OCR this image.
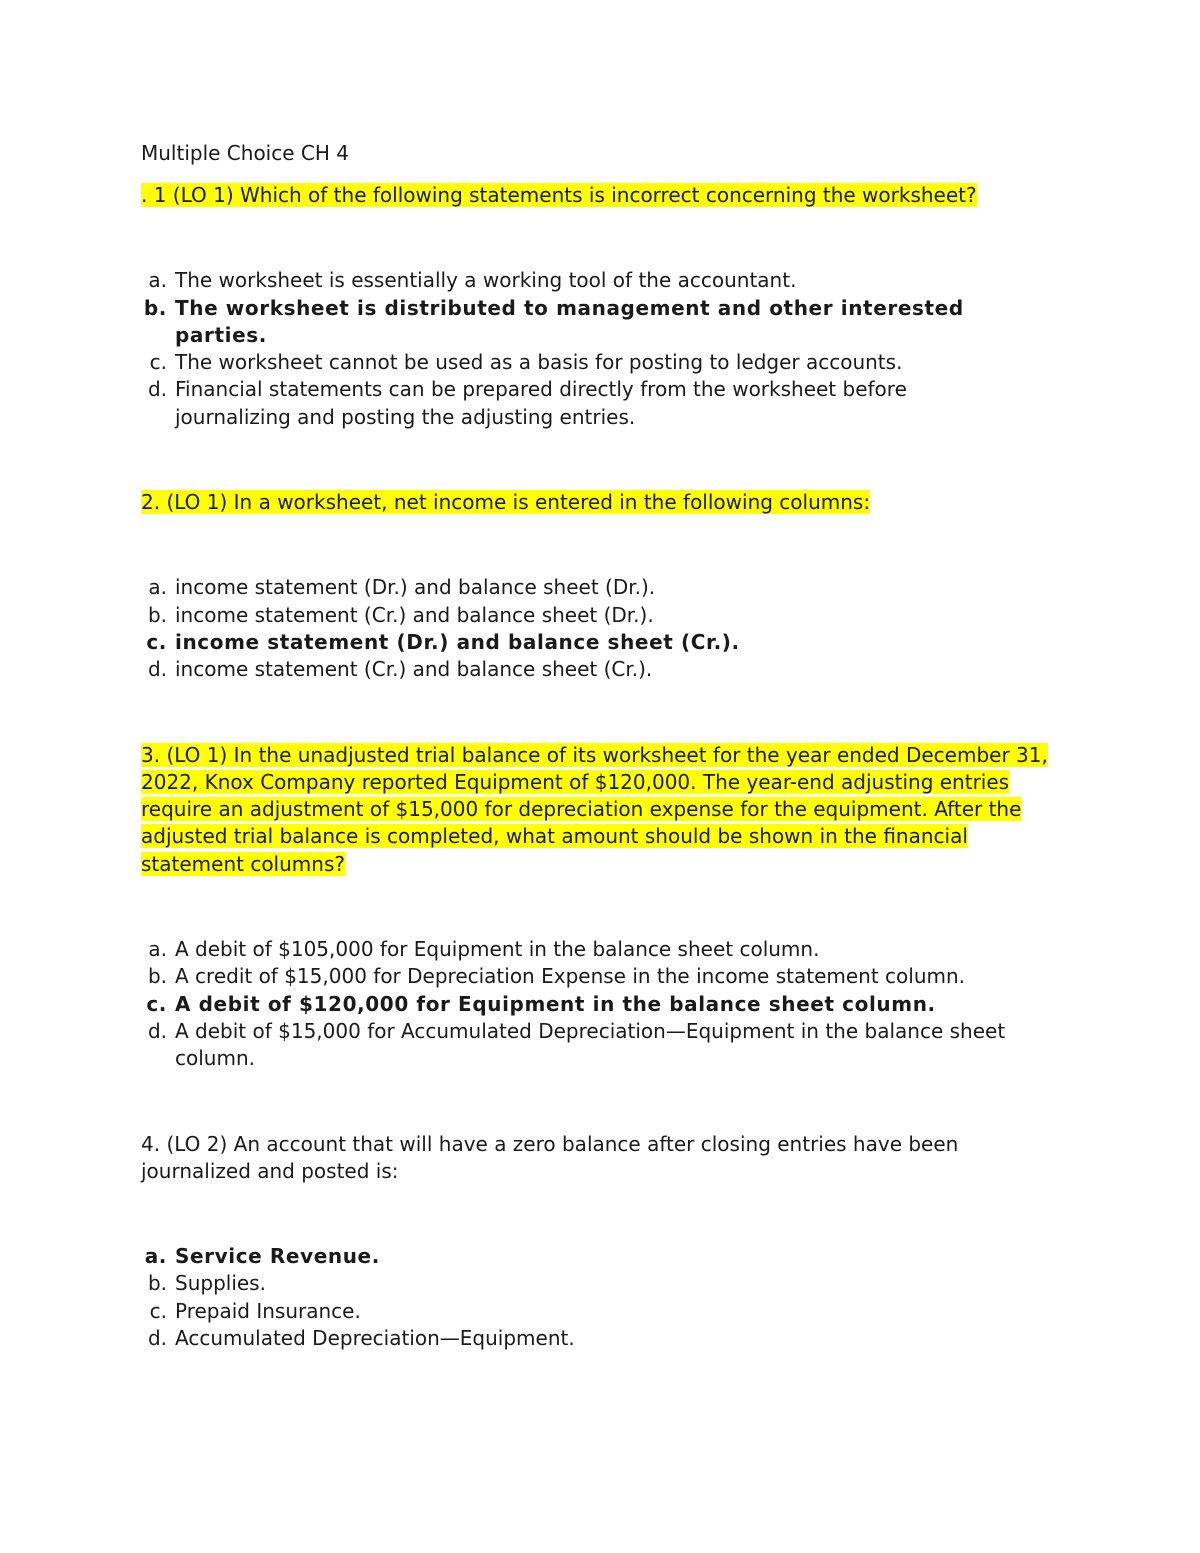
Multiple Choice CH 4

. 1 (LO 1) Which of the following statements is incorrect concerning the worksheet?

a. The worksheet is essentially a working tool of the accountant.
b. The worksheet is distributed to management and other interested parties.
c. The worksheet cannot be used as a basis for posting to ledger accounts.
d. Financial statements can be prepared directly from the worksheet before journalizing and posting the adjusting entries.

2. (LO 1) In a worksheet, net income is entered in the following columns:

a. income statement (Dr.) and balance sheet (Dr.).
b. income statement (Cr.) and balance sheet (Dr.).
c. income statement (Dr.) and balance sheet (Cr.).
d. income statement (Cr.) and balance sheet (Cr.).

3. (LO 1) In the unadjusted trial balance of its worksheet for the year ended December 31, 2022, Knox Company reported Equipment of $120,000. The year-end adjusting entries require an adjustment of $15,000 for depreciation expense for the equipment. After the adjusted trial balance is completed, what amount should be shown in the financial statement columns?

a. A debit of $105,000 for Equipment in the balance sheet column.
b. A credit of $15,000 for Depreciation Expense in the income statement column.
c. A debit of $120,000 for Equipment in the balance sheet column.
d. A debit of $15,000 for Accumulated Depreciation—Equipment in the balance sheet column.

4. (LO 2) An account that will have a zero balance after closing entries have been journalized and posted is:

a. Service Revenue.
b. Supplies.
c. Prepaid Insurance.
d. Accumulated Depreciation—Equipment.
